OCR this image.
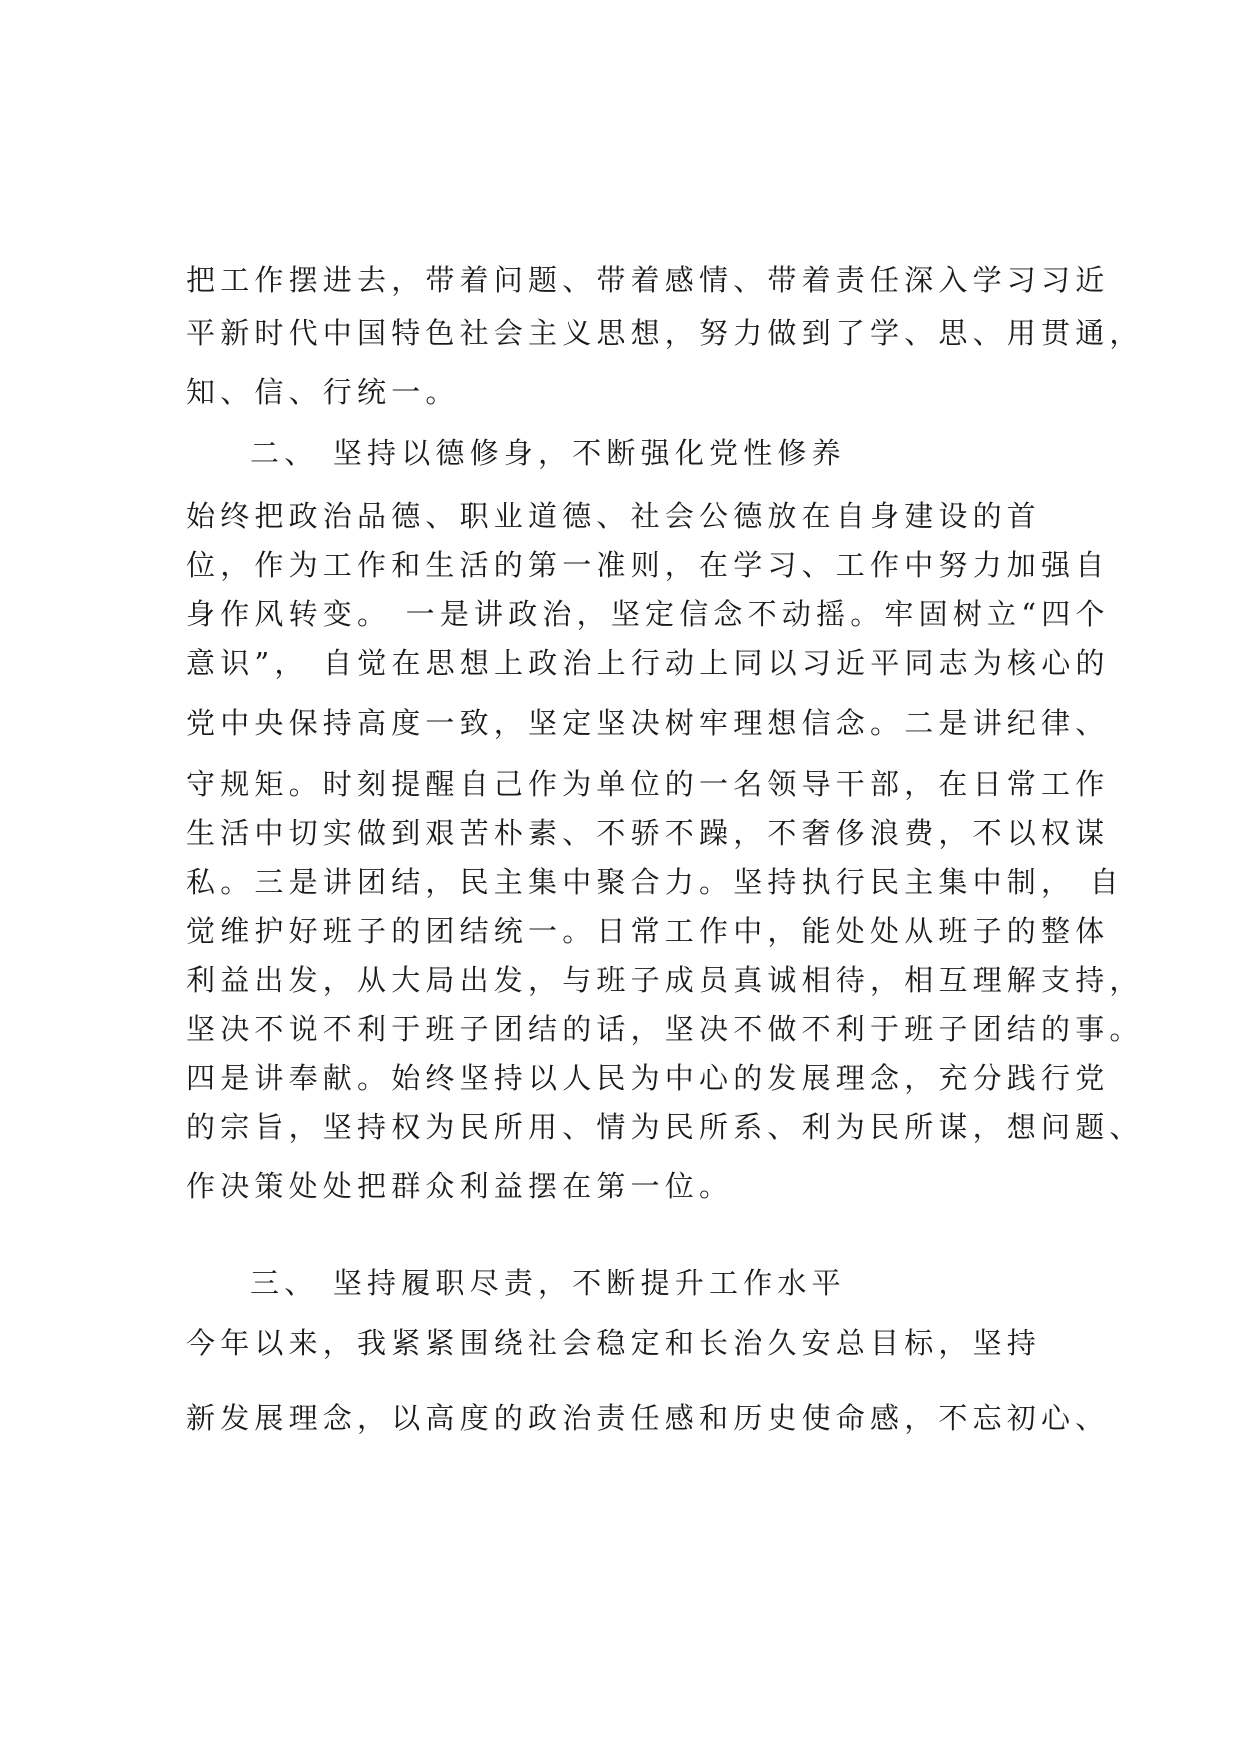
把工作摆进去，带着问题、带着感情、带着责任深入学习习近
平新时代中国特色社会主义思想，努力做到了学、思、用贯通，
知、信、行统一。
二、 坚持以德修身，不断强化党性修养
始终把政治品德、职业道德、社会公德放在自身建设的首
位，作为工作和生活的第一准则，在学习、工作中努力加强自
身作风转变。 一是讲政治，坚定信念不动摇。牢固树立“四个
意识”， 自觉在思想上政治上行动上同以习近平同志为核心的
党中央保持高度一致，坚定坚决树牢理想信念。二是讲纪律、
守规矩。时刻提醒自己作为单位的一名领导干部，在日常工作
生活中切实做到艰苦朴素、不骄不躁，不奢侈浪费，不以权谋
私。三是讲团结，民主集中聚合力。坚持执行民主集中制， 自
觉维护好班子的团结统一。日常工作中，能处处从班子的整体
利益出发，从大局出发，与班子成员真诚相待，相互理解支持，
坚决不说不利于班子团结的话，坚决不做不利于班子团结的事。
四是讲奉献。始终坚持以人民为中心的发展理念，充分践行党
的宗旨，坚持权为民所用、情为民所系、利为民所谋，想问题、
作决策处处把群众利益摆在第一位。
三、 坚持履职尽责，不断提升工作水平
今年以来，我紧紧围绕社会稳定和长治久安总目标，坚持
新发展理念，以高度的政治责任感和历史使命感，不忘初心、
